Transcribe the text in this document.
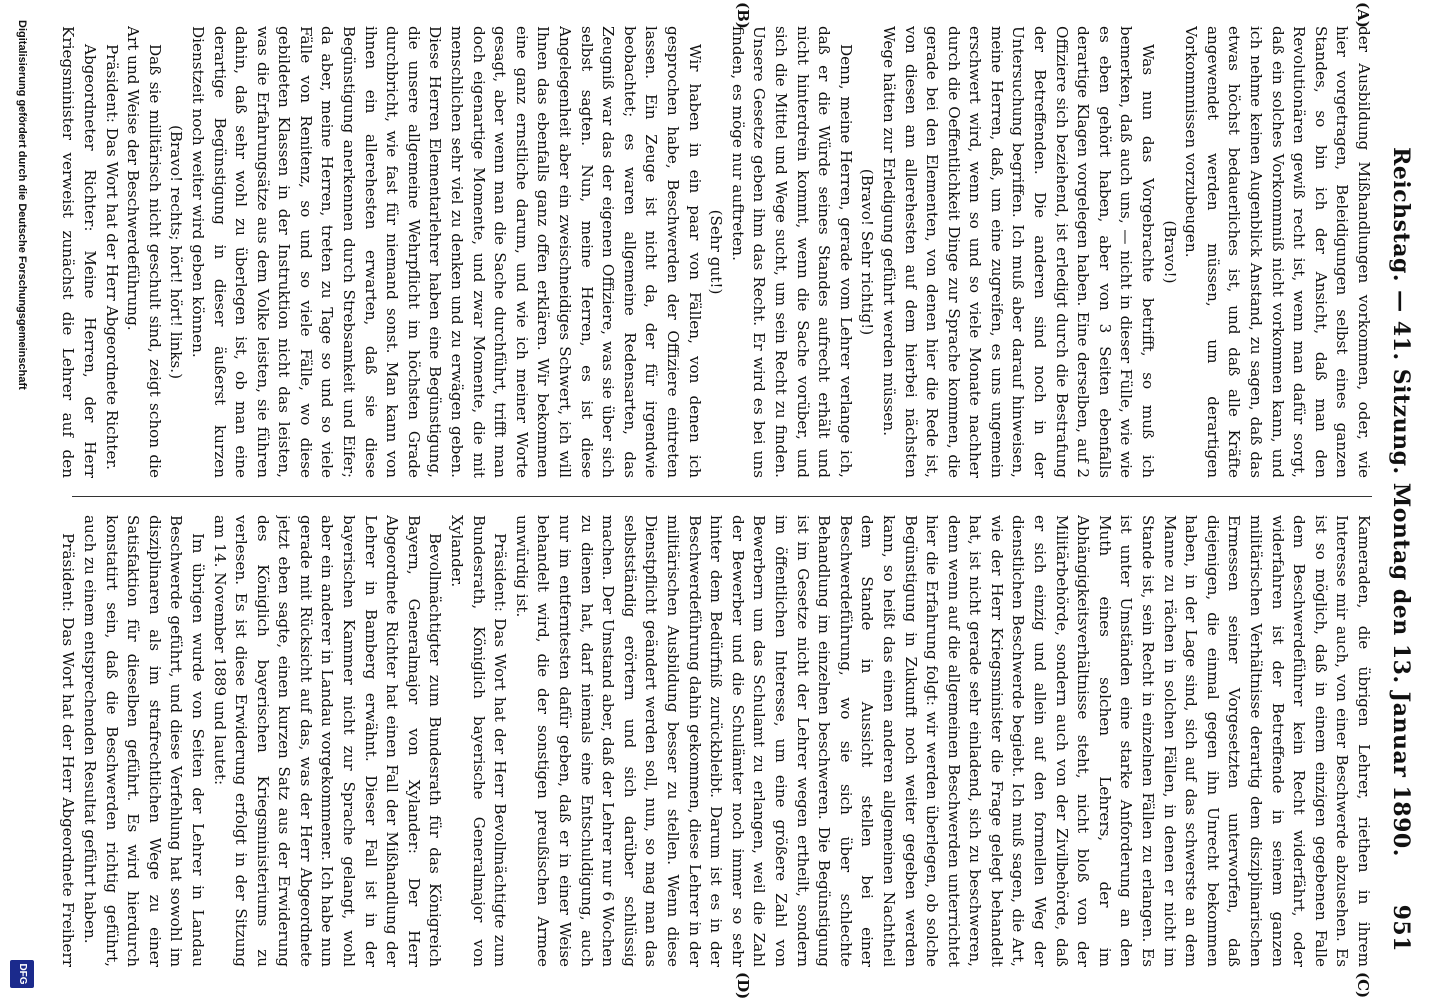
Reichstag. — 41. Sitzung. Montag den 13. Januar 1890.
951
(A)
(B)
(C)
(D)

der Ausbildung Mißhandlungen vorkommen, oder, wie hier vorgetragen, Beleidigungen selbst eines ganzen Standes, so bin ich der Ansicht, daß man den Revolutionären gewiß recht ist, wenn man dafür sorgt, daß ein solches Vorkommniß nicht vorkommen kann, und ich nehme keinen Augenblick Anstand, zu sagen, daß das etwas höchst bedauerliches ist, und daß alle Kräfte angewendet werden müssen, um derartigen Vorkommnissen vorzubeugen.

(Bravo!)

Was nun das Vorgebrachte betrifft, so muß ich bemerken, daß auch uns, — nicht in dieser Fülle, wie wie es eben gehört haben, aber von 3 Seiten ebenfalls derartige Klagen vorgelegen haben. Eine derselben, auf 2 Offiziere sich beziehend, ist erledigt durch die Bestrafung der Betreffenden. Die anderen sind noch in der Untersuchung begriffen. Ich muß aber darauf hinweisen, meine Herren, daß, um eine zugreifen, es uns ungemein erschwert wird, wenn so und so viele Monate nachher durch die Oeffentlichkeit Dinge zur Sprache kommen, die gerade bei den Elementen, von denen hier die Rede ist, von diesen am allerehesten auf dem hierbei nächsten Wege hätten zur Erledigung geführt werden müssen.

(Bravo! Sehr richtig!)

Denn, meine Herren, gerade vom Lehrer verlange ich, daß er die Würde seines Standes aufrecht erhält und nicht hinterdrein kommt, wenn die Sache vorüber, und sich die Mittel und Wege sucht, um sein Recht zu finden. Unsere Gesetze geben ihm das Recht. Er wird es bei uns finden, es möge nur auftreten.

(Sehr gut!)

Wir haben in ein paar von Fällen, von denen ich gesprochen habe, Beschwerden der Offiziere eintreten lassen. Ein Zeuge ist nicht da, der für irgendwie beobachtet; es waren allgemeine Redensarten, das Zeugniß war das der eigenen Offiziere, was sie über sich selbst sagten. Nun, meine Herren, es ist diese Angelegenheit aber ein zweischneidiges Schwert, ich will Ihnen das ebenfalls ganz offen erklären. Wir bekommen eine ganz ernstliche darum, und wie ich meiner Worte gesagt, aber wenn man die Sache durchführt, trifft man doch eigenartige Momente, und zwar Momente, die mit menschlichen sehr viel zu denken und zu erwägen geben. Diese Herren Elementarlehrer haben eine Begünstigung, die unsere allgemeine Wehrpflicht im höchsten Grade durchbricht, wie fast für niemand sonst. Man kann von ihnen ein allerehesten erwarten, daß sie diese Begünstigung anerkennen durch Strebsamkeit und Eifer; da aber, meine Herren, treten zu Tage so und so viele Fälle von Renitenz, so und so viele Fälle, wo diese gebildeten Klassen in der Instruktion nicht das leisten, was die Erfahrungsätze aus dem Volke leisten, sie führen dahin, daß sehr wohl zu überlegen ist, ob man eine derartige Begünstigung in dieser äußerst kurzen Dienstzeit noch weiter wird geben können.

(Bravo! rechts; hört! hört! links.)

Daß sie militärisch nicht geschult sind, zeigt schon die Art und Weise der Beschwerdeführung.

Präsident: Das Wort hat der Herr Abgeordnete Richter.

Abgeordneter Richter: Meine Herren, der Herr Kriegsminister verweist zunächst die Lehrer auf den

Kameraden, die übrigen Lehrer, riethen in ihrem Interesse mir auch, von einer Beschwerde abzusehen. Es ist so möglich, daß in einem einzigen gegebenen Falle dem Beschwerdeführer kein Recht widerfährt, oder widerfahren ist der Betreffende in seinem ganzen militärischen Verhältnisse derartig dem disziplinarischen Ermessen seiner Vorgesetzten unterworfen, daß diejenigen, die einmal gegen ihn Unrecht bekommen haben, in der Lage sind, sich auf das schwerste an dem Manne zu rächen in solchen Fällen, in denen er nicht im Stande ist, sein Recht in einzelnen Fällen zu erlangen. Es ist unter Umständen eine starke Anforderung an den Muth eines solchen Lehrers, der im Abhängigkeitsverhältnisse steht, nicht bloß von der Militärbehörde, sondern auch von der Zivilbehörde, daß er sich einzig und allein auf den formellen Weg der dienstlichen Beschwerde begiebt. Ich muß sagen, die Art, wie der Herr Kriegsminister die Frage gelegt behandelt hat, ist nicht gerade sehr einladend, sich zu beschweren, denn wenn auf die allgemeinen Beschwerden unterrichtet hier die Erfahrung folgt: wir werden überlegen, ob solche Begünstigung in Zukunft noch weiter gegeben werden kann, so heißt das einen anderen allgemeinen Nachtheil dem Stande in Aussicht stellen bei einer Beschwerdeführung, wo sie sich über schlechte Behandlung im einzelnen beschweren. Die Begünstigung ist im Gesetze nicht der Lehrer wegen ertheilt, sondern im öffentlichen Interesse, um eine größere Zahl von Bewerbern um das Schulamt zu erlangen, weil die Zahl der Bewerber und die Schulämter noch immer so sehr hinter dem Bedürfniß zurückbleibt. Darum ist es in der Beschwerdeführung dahin gekommen, diese Lehrer in der militärischen Ausbildung besser zu stellen. Wenn diese Dienstpflicht geändert werden soll, nun, so mag man das selbstständig erörtern und sich darüber schlüssig machen. Der Umstand aber, daß der Lehrer nur 6 Wochen zu dienen hat, darf niemals eine Entschuldigung, auch nur im entferntesten dafür geben, daß er in einer Weise behandelt wird, die der sonstigen preußischen Armee unwürdig ist.

Präsident: Das Wort hat der Herr Bevollmächtigte zum Bundesrath, Königlich bayerische Generalmajor von Xylander.

Bevollmächtigter zum Bundesrath für das Königreich Bayern, Generalmajor von Xylander: Der Herr Abgeordnete Richter hat einen Fall der Mißhandlung der Lehrer in Bamberg erwähnt. Dieser Fall ist in der bayerischen Kammer nicht zur Sprache gelangt, wohl aber ein anderer in Landau vorgekommener. Ich habe nun gerade mit Rücksicht auf das, was der Herr Abgeordnete jetzt eben sagte, einen kurzen Satz aus der Erwiderung des Königlich bayerischen Kriegsministeriums zu verlesen. Es ist diese Erwiderung erfolgt in der Sitzung am 14. November 1889 und lautet:

Im übrigen wurde von Seiten der Lehrer in Landau Beschwerde geführt, und diese Verfehlung hat sowohl im disziplinaren als im strafrechtlichen Wege zu einer Satisfaktion für dieselben geführt. Es wird hierdurch konstatirt sein, daß die Beschwerden richtig geführt, auch zu einem entsprechenden Resultat geführt haben.

Präsident: Das Wort hat der Herr Abgeordnete Freiherr

Digitalisierung gefördert durch die Deutsche Forschungsgemeinschaft
DFG
